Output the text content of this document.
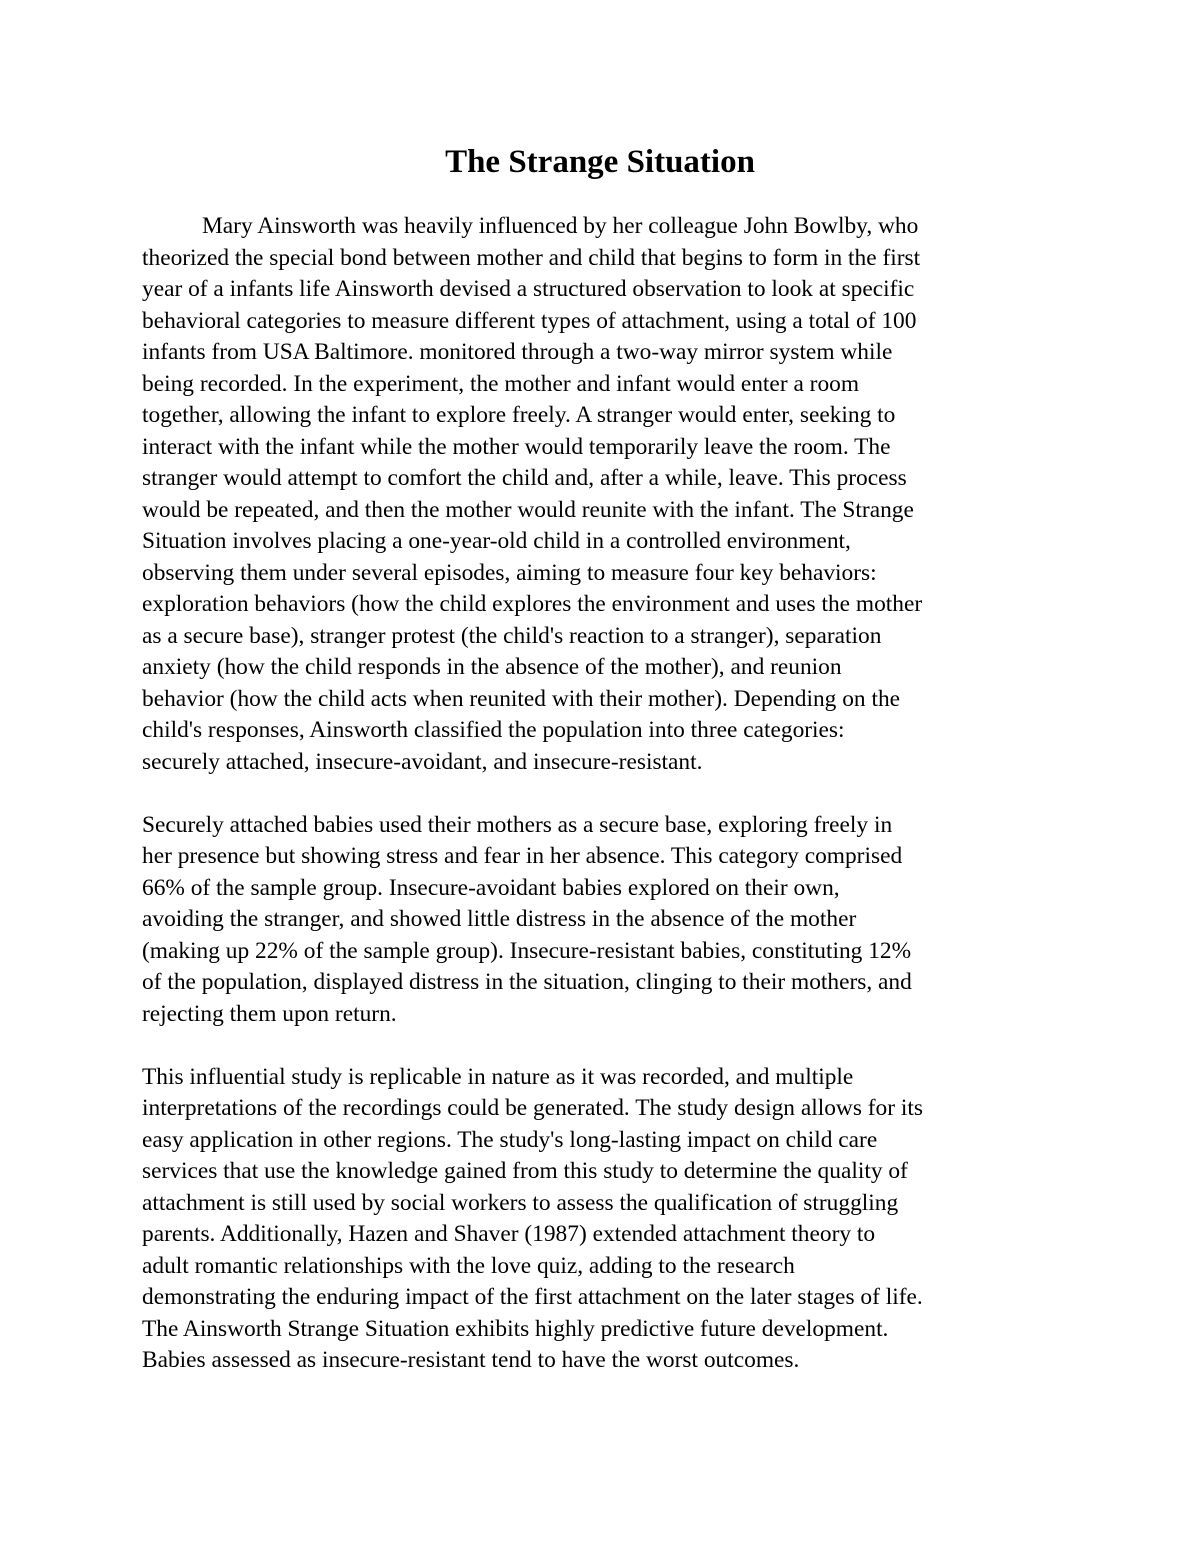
The Strange Situation

Mary Ainsworth was heavily influenced by her colleague John Bowlby, who
theorized the special bond between mother and child that begins to form in the first
year of a infants life Ainsworth devised a structured observation to look at specific
behavioral categories to measure different types of attachment, using a total of 100
infants from USA Baltimore. monitored through a two-way mirror system while
being recorded. In the experiment, the mother and infant would enter a room
together, allowing the infant to explore freely. A stranger would enter, seeking to
interact with the infant while the mother would temporarily leave the room. The
stranger would attempt to comfort the child and, after a while, leave. This process
would be repeated, and then the mother would reunite with the infant. The Strange
Situation involves placing a one-year-old child in a controlled environment,
observing them under several episodes, aiming to measure four key behaviors:
exploration behaviors (how the child explores the environment and uses the mother
as a secure base), stranger protest (the child's reaction to a stranger), separation
anxiety (how the child responds in the absence of the mother), and reunion
behavior (how the child acts when reunited with their mother). Depending on the
child's responses, Ainsworth classified the population into three categories:
securely attached, insecure-avoidant, and insecure-resistant.

Securely attached babies used their mothers as a secure base, exploring freely in
her presence but showing stress and fear in her absence. This category comprised
66% of the sample group. Insecure-avoidant babies explored on their own,
avoiding the stranger, and showed little distress in the absence of the mother
(making up 22% of the sample group). Insecure-resistant babies, constituting 12%
of the population, displayed distress in the situation, clinging to their mothers, and
rejecting them upon return.

This influential study is replicable in nature as it was recorded, and multiple
interpretations of the recordings could be generated. The study design allows for its
easy application in other regions. The study's long-lasting impact on child care
services that use the knowledge gained from this study to determine the quality of
attachment is still used by social workers to assess the qualification of struggling
parents. Additionally, Hazen and Shaver (1987) extended attachment theory to
adult romantic relationships with the love quiz, adding to the research
demonstrating the enduring impact of the first attachment on the later stages of life.
The Ainsworth Strange Situation exhibits highly predictive future development.
Babies assessed as insecure-resistant tend to have the worst outcomes.
